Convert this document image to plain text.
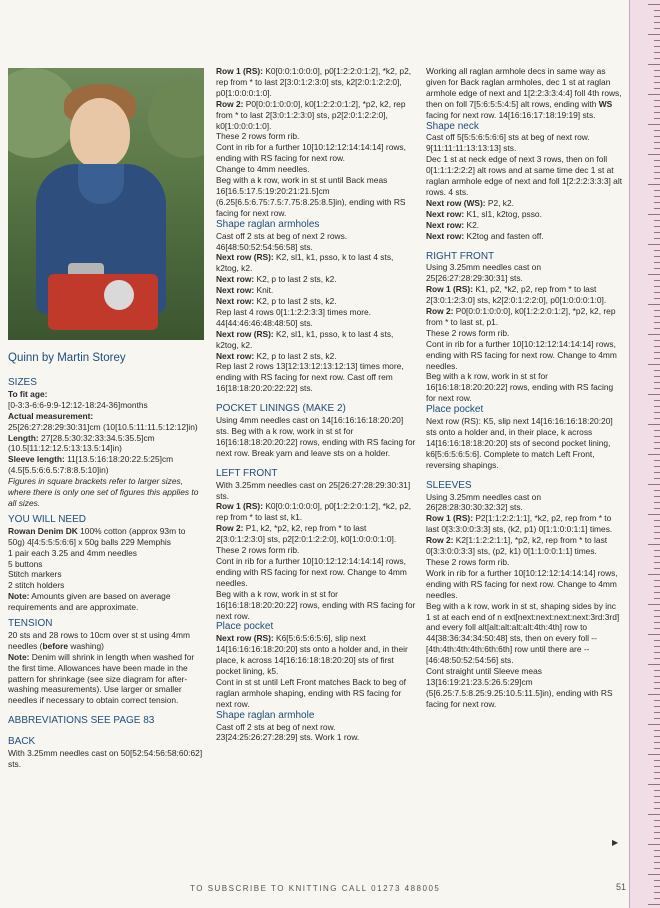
Quinn by Martin Storey
SIZES
To fit age:
[0-3:3-6:6-9:9-12:12-18:24-36]months
Actual measurement:
25[26:27:28:29:30:31]cm (10[10.5:11:11.5:12:12]in)

Length: 27[28.5:30:32:33:34.5:35.5]cm (10.5[11:12:12.5:13:13.5:14]in)

Sleeve length: 11[13.5:16:18:20:22.5:25]cm (4.5[5.5:6:6.5:7:8:8.5:10]in)

Figures in square brackets refer to larger sizes, where there is only one set of figures this applies to all sizes.

YOU WILL NEED

Rowan Denim DK 100% cotton (approx 93m to 50g) 4[4:5:5:5:6:6] x 50g balls 229 Memphis

1 pair each 3.25 and 4mm needles
5 buttons
Stitch markers
2 stitch holders

Note: Amounts given are based on average requirements and are approximate.

TENSION

20 sts and 28 rows to 10cm over st st using 4mm needles (before washing)

Note: Denim will shrink in length when washed for the first time. Allowances have been made in the pattern for shrinkage (see size diagram for after-washing measurements). Use larger or smaller needles if necessary to obtain correct tension.

ABBREVIATIONS SEE PAGE 83
BACK
With 3.25mm needles cast on 50[52:54:56:58:60:62] sts.

Row 1 (RS): K0[0:0:1:0:0:0], p0[1:2:2:0:1:2], *k2, p2, rep from * to last 2[3:0:1:2:3:0] sts, k2[2:0:1:2:2:0], p0[1:0:0:0:1:0].

Row 2: P0[0:0:1:0:0:0], k0[1:2:2:0:1:2], *p2, k2, rep from * to last 2[3:0:1:2:3:0] sts, p2[2:0:1:2:2:0], k0[1:0:0:0:1:0].

These 2 rows form rib.
Cont in rib for a further 10[10:12:12:14:14:14] rows, ending with RS facing for next row.
Change to 4mm needles.
Beg with a k row, work in st st until Back meas 16[16.5:17.5:19:20:21:21.5]cm (6.25[6.5:6.75:7.5:7.75:8.25:8.5]in), ending with RS facing for next row.
Shape raglan armholes
Cast off 2 sts at beg of next 2 rows. 46[48:50:52:54:56:58] sts.

Next row (RS): K2, sl1, k1, psso, k to last 4 sts, k2tog, k2.

Next row: K2, p to last 2 sts, k2.

Next row: Knit.

Next row: K2, p to last 2 sts, k2.

Rep last 4 rows 0[1:1:2:2:3:3] times more. 44[44:46:46:48:48:50] sts.

Next row (RS): K2, sl1, k1, psso, k to last 4 sts, k2tog, k2.

Next row: K2, p to last 2 sts, k2.

Rep last 2 rows 13[12:13:12:13:12:13] times more, ending with RS facing for next row. Cast off rem 16[18:18:20:20:22:22] sts.
POCKET LININGS (MAKE 2)
Using 4mm needles cast on 14[16:16:16:18:20:20] sts. Beg with a k row, work in st st for 16[16:18:18:20:20:22] rows, ending with RS facing for next row. Break yarn and leave sts on a holder.
LEFT FRONT
With 3.25mm needles cast on 25[26:27:28:29:30:31] sts.

Row 1 (RS): K0[0:0:1:0:0:0], p0[1:2:2:0:1:2], *k2, p2, rep from * to last st, k1.

Row 2: P1, k2, *p2, k2, rep from * to last 2[3:0:1:2:3:0] sts, p2[2:0:1:2:2:0], k0[1:0:0:0:1:0].

These 2 rows form rib.
Cont in rib for a further 10[10:12:12:14:14:14] rows, ending with RS facing for next row. Change to 4mm needles.
Beg with a k row, work in st st for 16[16:18:18:20:20:22] rows, ending with RS facing for next row.
Place pocket

Next row (RS): K6[5:6:5:6:5:6], slip next 14[16:16:16:18:20:20] sts onto a holder and, in their place, k across 14[16:16:18:18:20:20] sts of first pocket lining, k5.

Cont in st st until Left Front matches Back to beg of raglan armhole shaping, ending with RS facing for next row.
Shape raglan armhole
Cast off 2 sts at beg of next row. 23[24:25:26:27:28:29] sts. Work 1 row.

Working all raglan armhole decs in same way as given for Back raglan armholes, dec 1 st at raglan armhole edge of next and 1[2:2:3:3:4:4] foll 4th rows, then on foll 7[5:6:5:5:4:5] alt rows, ending with WS facing for next row. 14[16:16:17:18:19:19] sts.

Shape neck
Cast off 5[5:5:6:5:6:6] sts at beg of next row. 9[11:11:11:13:13:13] sts.
Dec 1 st at neck edge of next 3 rows, then on foll 0[1:1:1:2:2:2] alt rows and at same time dec 1 st at raglan armhole edge of next and foll 1[2:2:2:3:3:3] alt rows. 4 sts.

Next row (WS): P2, k2.

Next row: K1, sl1, k2tog, psso.

Next row: K2.

Next row: K2tog and fasten off.

RIGHT FRONT
Using 3.25mm needles cast on 25[26:27:28:29:30:31] sts.

Row 1 (RS): K1, p2, *k2, p2, rep from * to last 2[3:0:1:2:3:0] sts, k2[2:0:1:2:2:0], p0[1:0:0:0:1:0].

Row 2: P0[0:0:1:0:0:0], k0[1:2:2:0:1:2], *p2, k2, rep from * to last st, p1.

These 2 rows form rib.
Cont in rib for a further 10[10:12:12:14:14:14] rows, ending with RS facing for next row. Change to 4mm needles.
Beg with a k row, work in st st for 16[16:18:18:20:20:22] rows, ending with RS facing for next row.
Place pocket
Next row (RS): K5, slip next 14[16:16:16:18:20:20] sts onto a holder and, in their place, k across 14[16:16:18:18:20:20] sts of second pocket lining, k6[5:6:5:6:5:6]. Complete to match Left Front, reversing shapings.
SLEEVES
Using 3.25mm needles cast on 26[28:28:30:30:32:32] sts.

Row 1 (RS): P2[1:1:2:2:1:1], *k2, p2, rep from * to last 0[3:3:0:0:3:3] sts, (k2, p1) 0[1:1:0:0:1:1] times.

Row 2: K2[1:1:2:2:1:1], *p2, k2, rep from * to last 0[3:3:0:0:3:3] sts, (p2, k1) 0[1:1:0:0:1:1] times.

These 2 rows form rib.
Work in rib for a further 10[10:12:12:14:14:14] rows, ending with RS facing for next row. Change to 4mm needles.
Beg with a k row, work in st st, shaping sides by inc 1 st at each end of n ext[next:next:next:next:3rd:3rd] and every foll alt[alt:alt:alt:alt:4th:4th] row to 44[38:36:34:34:50:48] sts, then on every foll --[4th:4th:4th:4th:6th:6th] row until there are --[46:48:50:52:54:56] sts.
Cont straight until Sleeve meas 13[16:19:21:23.5:26.5:29]cm (5[6.25:7.5:8.25:9.25:10.5:11.5]in), ending with RS facing for next row.
▶
TO SUBSCRIBE TO KNITTING CALL 01273 488005	51
